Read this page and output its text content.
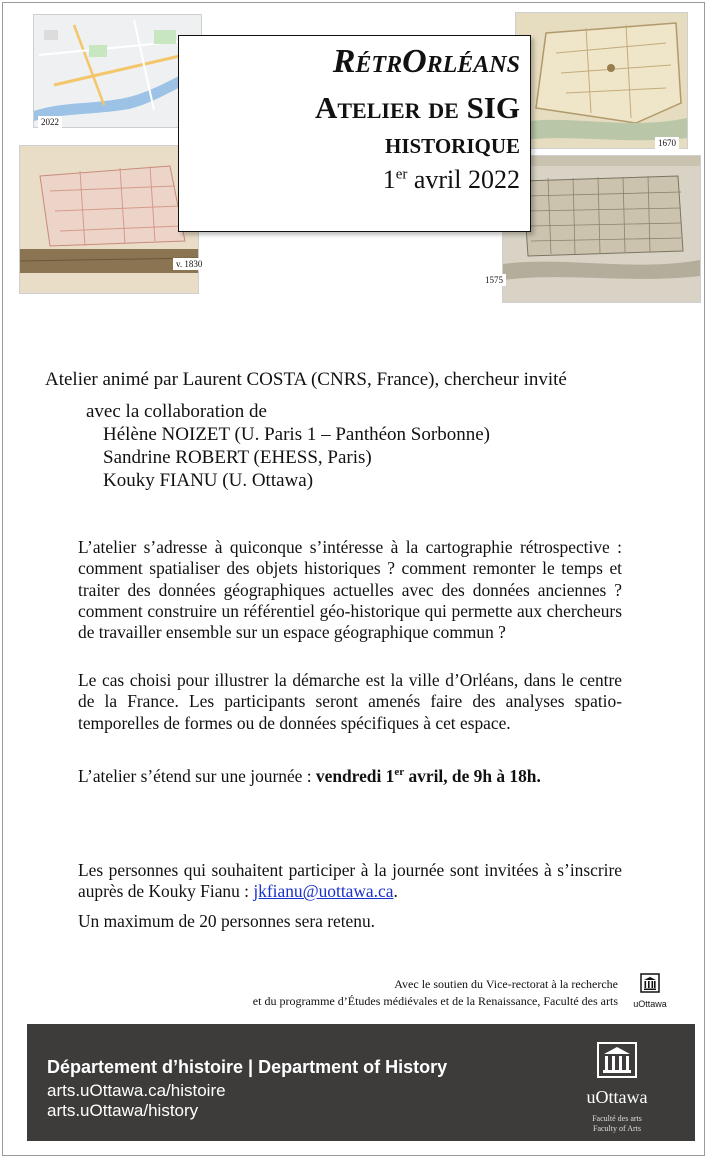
2022
1670
v. 1830
1575
RétrOrléans
Atelier de SIG
historique
1er avril 2022
Atelier animé par Laurent COSTA (CNRS, France), chercheur invité
avec la collaboration de
Hélène NOIZET (U. Paris 1 – Panthéon Sorbonne)
Sandrine ROBERT (EHESS, Paris)
Kouky FIANU (U. Ottawa)
L’atelier s’adresse à quiconque s’intéresse à la cartographie rétrospective : comment spatialiser des objets historiques ? comment remonter le temps et traiter des données géographiques actuelles avec des données anciennes ? comment construire un référentiel géo-historique qui permette aux chercheurs de travailler ensemble sur un espace géographique commun ?
Le cas choisi pour illustrer la démarche est la ville d’Orléans, dans le centre de la France. Les participants seront amenés faire des analyses spatio-temporelles de formes ou de données spécifiques à cet espace.
L’atelier s’étend sur une journée : vendredi 1er avril, de 9h à 18h.
Les personnes qui souhaitent participer à la journée sont invitées à s’inscrire auprès de Kouky Fianu : jkfianu@uottawa.ca.
Un maximum de 20 personnes sera retenu.
Avec le soutien du Vice-rectorat à la recherche
et du programme d’Études médiévales et de la Renaissance, Faculté des arts	uOttawa
Département d’histoire | Department of History
arts.uOttawa.ca/histoire
arts.uOttawa/history
uOttawa
Faculté des arts
Faculty of Arts
